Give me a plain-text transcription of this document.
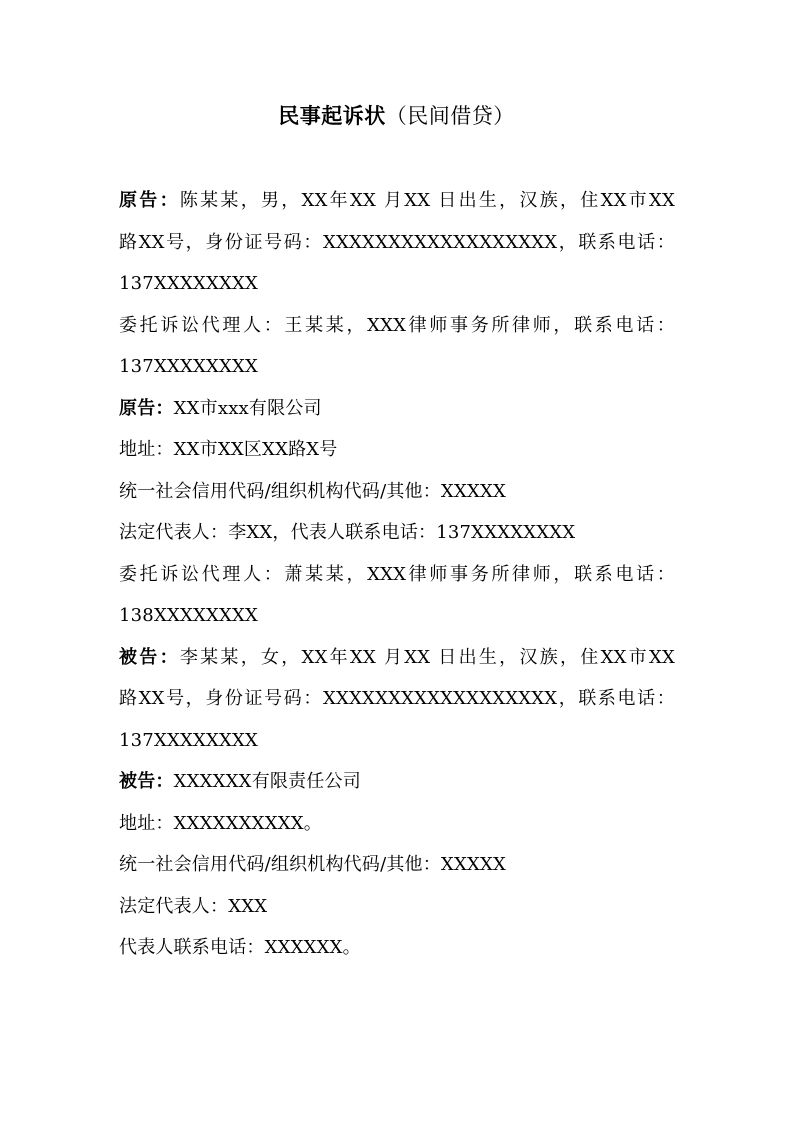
民事起诉状（民间借贷）
原告：陈某某，男，XX年XX 月XX 日出生，汉族，住XX市XX
路XX号，身份证号码：XXXXXXXXXXXXXXXXXX，联系电话：
137XXXXXXXX
委托诉讼代理人：王某某，XXX律师事务所律师，联系电话：
137XXXXXXXX
原告：XX市xxx有限公司
地址：XX市XX区XX路X号
统一社会信用代码/组织机构代码/其他：XXXXX
法定代表人：李XX，代表人联系电话：137XXXXXXXX
委托诉讼代理人：萧某某，XXX律师事务所律师，联系电话：
138XXXXXXXX
被告：李某某，女，XX年XX 月XX 日出生，汉族，住XX市XX
路XX号，身份证号码：XXXXXXXXXXXXXXXXXX，联系电话：
137XXXXXXXX
被告：XXXXXX有限责任公司
地址：XXXXXXXXXX。
统一社会信用代码/组织机构代码/其他：XXXXX
法定代表人：XXX
代表人联系电话：XXXXXX。
